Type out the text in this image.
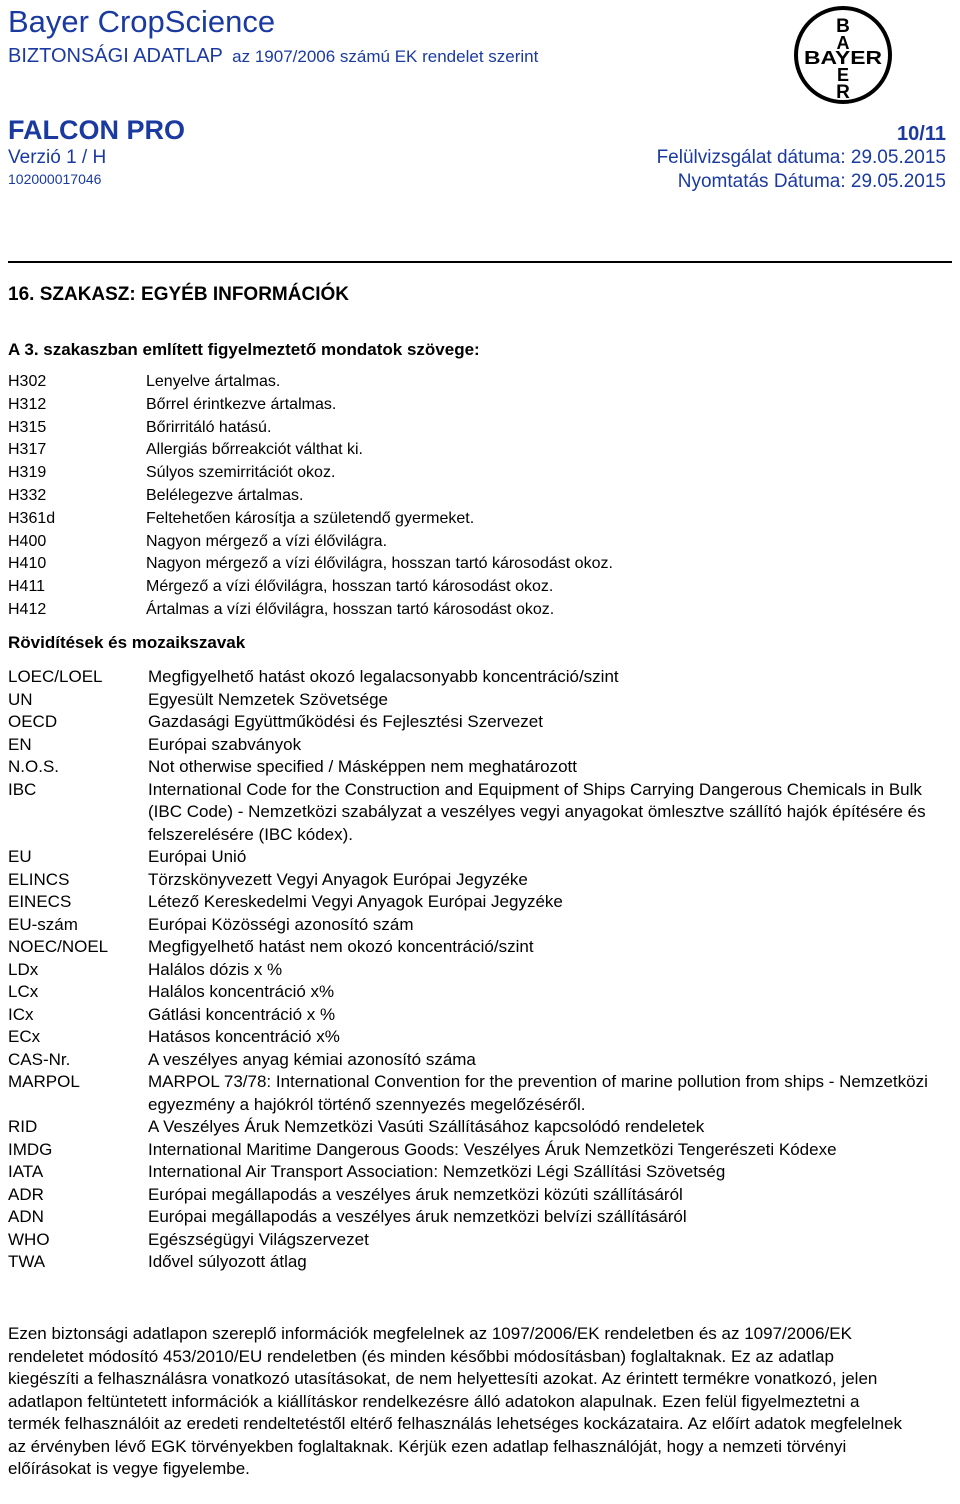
Bayer CropScience
BIZTONSÁGI ADATLAP az 1907/2006 számú EK rendelet szerint
B
A
BAYER
E
R
FALCON PRO	10/11
Verzió 1 / H	Felülvizsgálat dátuma: 29.05.2015
102000017046	Nyomtatás Dátuma: 29.05.2015
16. SZAKASZ: EGYÉB INFORMÁCIÓK
A 3. szakaszban említett figyelmeztető mondatok szövege:
H302	Lenyelve ártalmas.
H312	Bőrrel érintkezve ártalmas.
H315	Bőrirritáló hatású.
H317	Allergiás bőrreakciót válthat ki.
H319	Súlyos szemirritációt okoz.
H332	Belélegezve ártalmas.
H361d	Feltehetően károsítja a születendő gyermeket.
H400	Nagyon mérgező a vízi élővilágra.
H410	Nagyon mérgező a vízi élővilágra, hosszan tartó károsodást okoz.
H411	Mérgező a vízi élővilágra, hosszan tartó károsodást okoz.
H412	Ártalmas a vízi élővilágra, hosszan tartó károsodást okoz.
Rövidítések és mozaikszavak
LOEC/LOEL	Megfigyelhető hatást okozó legalacsonyabb koncentráció/szint
UN	Egyesült Nemzetek Szövetsége
OECD	Gazdasági Együttműködési és Fejlesztési Szervezet
EN	Európai szabványok
N.O.S.	Not otherwise specified / Másképpen nem meghatározott
IBC	International Code for the Construction and Equipment of Ships Carrying Dangerous Chemicals in Bulk (IBC Code) - Nemzetközi szabályzat a veszélyes vegyi anyagokat ömlesztve szállító hajók építésére és felszerelésére (IBC kódex).
EU	Európai Unió
ELINCS	Törzskönyvezett Vegyi Anyagok Európai Jegyzéke
EINECS	Létező Kereskedelmi Vegyi Anyagok Európai Jegyzéke
EU-szám	Európai Közösségi azonosító szám
NOEC/NOEL Megfigyelhető hatást nem okozó koncentráció/szint
LDx	Halálos dózis x %
LCx	Halálos koncentráció x%
ICx	Gátlási koncentráció x %
ECx	Hatásos koncentráció x%
CAS-Nr.	A veszélyes anyag kémiai azonosító száma
MARPOL	MARPOL 73/78: International Convention for the prevention of marine pollution from ships - Nemzetközi egyezmény a hajókról történő szennyezés megelőzéséről.
RID	A Veszélyes Áruk Nemzetközi Vasúti Szállításához kapcsolódó rendeletek
IMDG	International Maritime Dangerous Goods: Veszélyes Áruk Nemzetközi Tengerészeti Kódexe
IATA	International Air Transport Association: Nemzetközi Légi Szállítási Szövetség
ADR	Európai megállapodás a veszélyes áruk nemzetközi közúti szállításáról
ADN	Európai megállapodás a veszélyes áruk nemzetközi belvízi szállításáról
WHO	Egészségügyi Világszervezet
TWA	Idővel súlyozott átlag
Ezen biztonsági adatlapon szereplő információk megfelelnek az 1097/2006/EK rendeletben és az 1097/2006/EK rendeletet módosító 453/2010/EU rendeletben (és minden későbbi módosításban) foglaltaknak. Ez az adatlap kiegészíti a felhasználásra vonatkozó utasításokat, de nem helyettesíti azokat. Az érintett termékre vonatkozó, jelen adatlapon feltüntetett információk a kiállításkor rendelkezésre álló adatokon alapulnak. Ezen felül figyelmeztetni a termék felhasználóit az eredeti rendeltetéstől eltérő felhasználás lehetséges kockázataira. Az előírt adatok megfelelnek az érvényben lévő EGK törvényekben foglaltaknak. Kérjük ezen adatlap felhasználóját, hogy a nemzeti törvényi előírásokat is vegye figyelembe.
